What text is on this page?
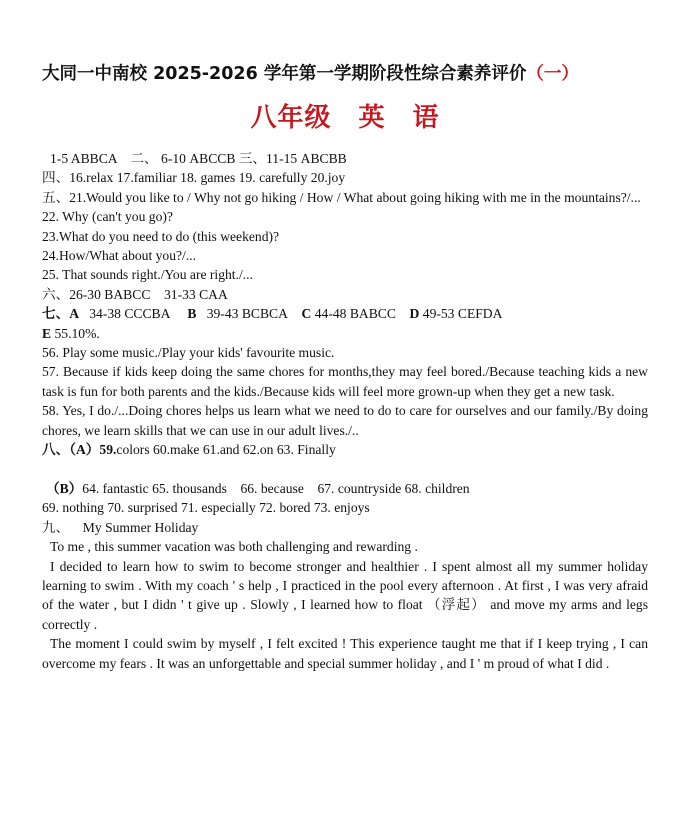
大同一中南校 2025-2026 学年第一学期阶段性综合素养评价（一）
八年级　英　语
1-5 ABBCA　二、 6-10 ABCCB 三、11-15 ABCBB
四、16.relax 17.familiar 18. games 19. carefully 20.joy
五、21.Would you like to / Why not go hiking / How / What about going hiking with me in the mountains?/...
22. Why (can't you go)?
23.What do you need to do (this weekend)?
24.How/What about you?/...
25. That sounds right./You are right./...
六、26-30 BABCC　31-33 CAA
七、A 34-38 CCCBA B 39-43 BCBCA C 44-48 BABCC D 49-53 CEFDA
E 55.10%.
56. Play some music./Play your kids' favourite music.
57. Because if kids keep doing the same chores for months,they may feel bored./Because teaching kids a new task is fun for both parents and the kids./Because kids will feel more grown-up when they get a new task.
58. Yes, I do./...Doing chores helps us learn what we need to do to care for ourselves and our family./By doing chores, we learn skills that we can use in our adult lives./..
八、（A）59.colors 60.make 61.and 62.on 63. Finally
（B）64. fantastic 65. thousands　66. because　67. countryside 68. children
69. nothing 70. surprised 71. especially 72. bored 73. enjoys
九、 My Summer Holiday
To me , this summer vacation was both challenging and rewarding .
I decided to learn how to swim to become stronger and healthier . I spent almost all my summer holiday learning to swim . With my coach ' s help , I practiced in the pool every afternoon . At first , I was very afraid of the water , but I didn ' t give up . Slowly , I learned how to float （浮起） and move my arms and legs correctly .
The moment I could swim by myself , I felt excited ! This experience taught me that if I keep trying , I can overcome my fears . It was an unforgettable and special summer holiday , and I ' m proud of what I did .
